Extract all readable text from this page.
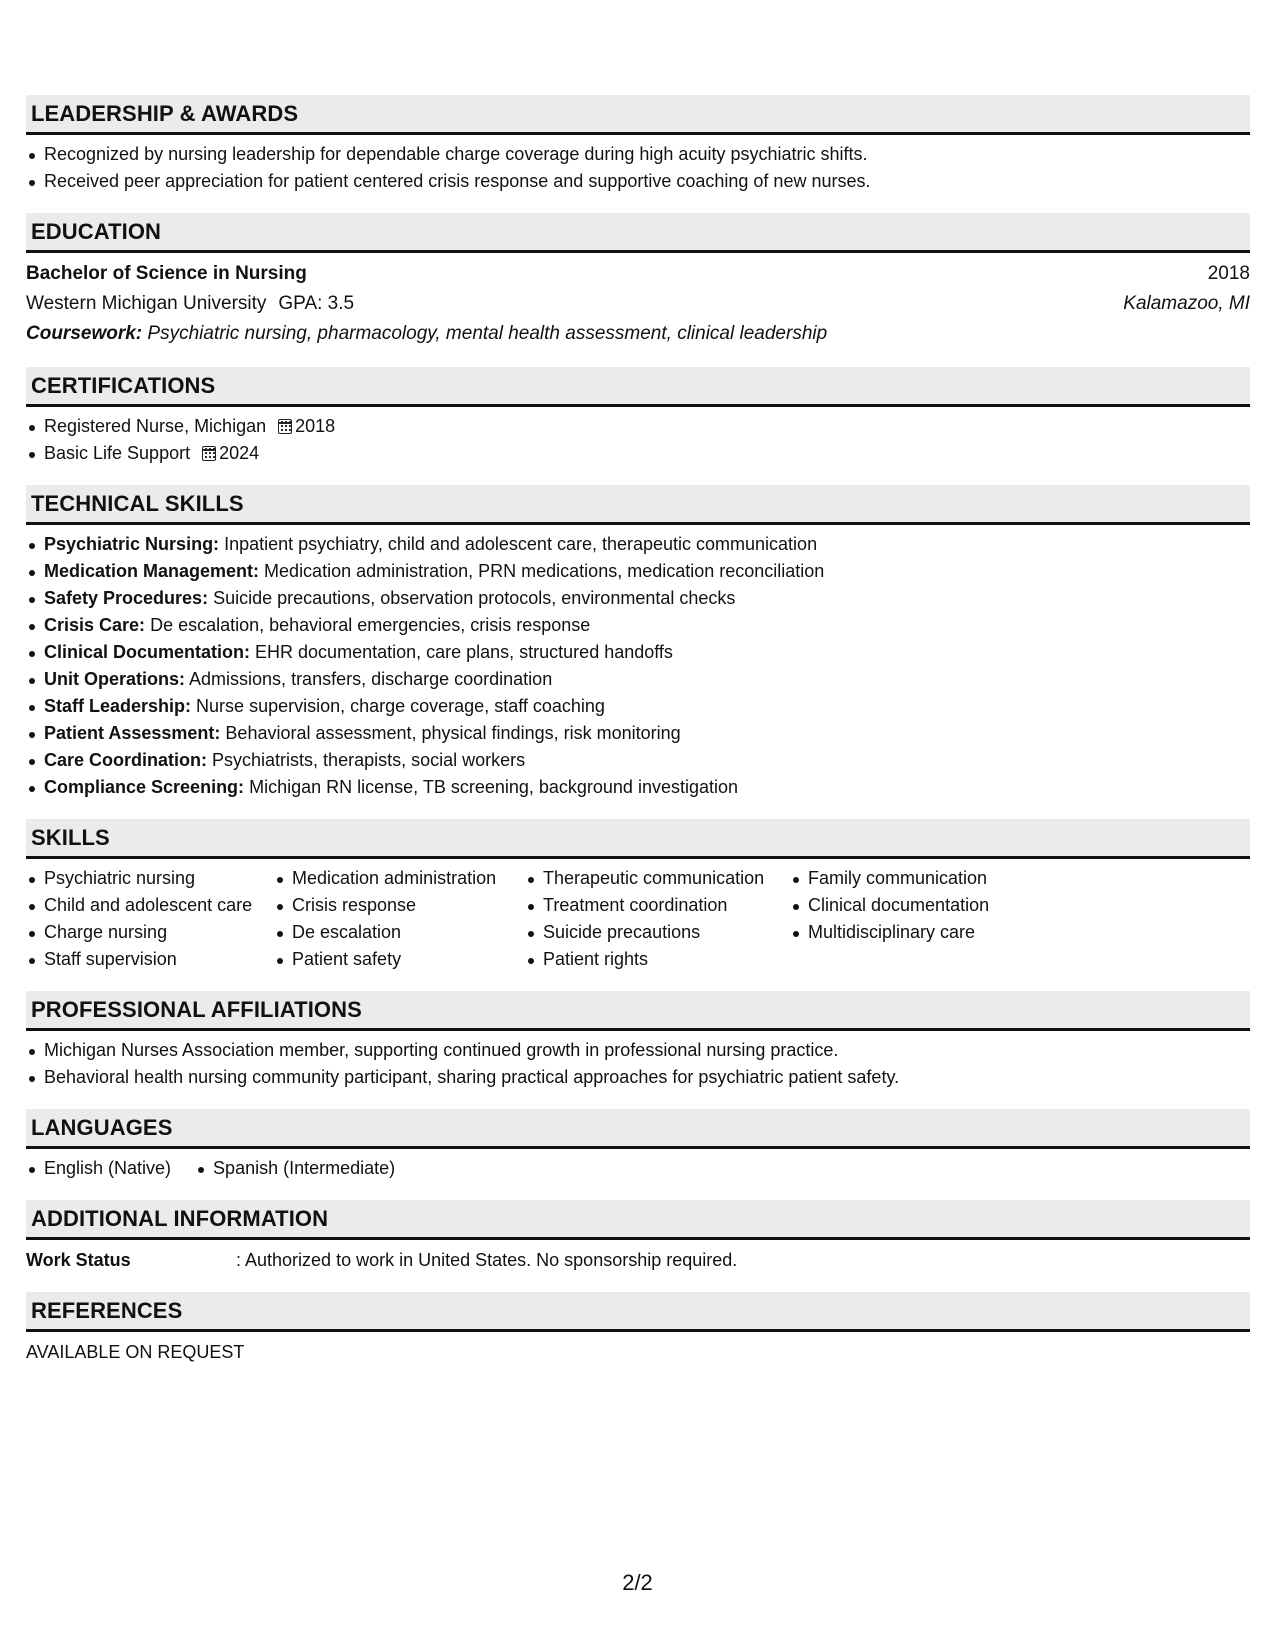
LEADERSHIP & AWARDS
Recognized by nursing leadership for dependable charge coverage during high acuity psychiatric shifts.
Received peer appreciation for patient centered crisis response and supportive coaching of new nurses.
EDUCATION
Bachelor of Science in Nursing	2018
Western Michigan University GPA: 3.5	Kalamazoo, MI
Coursework: Psychiatric nursing, pharmacology, mental health assessment, clinical leadership
CERTIFICATIONS
Registered Nurse, Michigan 2018
Basic Life Support 2024
TECHNICAL SKILLS
Psychiatric Nursing: Inpatient psychiatry, child and adolescent care, therapeutic communication
Medication Management: Medication administration, PRN medications, medication reconciliation
Safety Procedures: Suicide precautions, observation protocols, environmental checks
Crisis Care: De escalation, behavioral emergencies, crisis response
Clinical Documentation: EHR documentation, care plans, structured handoffs
Unit Operations: Admissions, transfers, discharge coordination
Staff Leadership: Nurse supervision, charge coverage, staff coaching
Patient Assessment: Behavioral assessment, physical findings, risk monitoring
Care Coordination: Psychiatrists, therapists, social workers
Compliance Screening: Michigan RN license, TB screening, background investigation
SKILLS
Psychiatric nursing
Child and adolescent care
Charge nursing
Staff supervision
Medication administration
Crisis response
De escalation
Patient safety
Therapeutic communication
Treatment coordination
Suicide precautions
Patient rights
Family communication
Clinical documentation
Multidisciplinary care
PROFESSIONAL AFFILIATIONS
Michigan Nurses Association member, supporting continued growth in professional nursing practice.
Behavioral health nursing community participant, sharing practical approaches for psychiatric patient safety.
LANGUAGES
English (Native)	Spanish (Intermediate)
ADDITIONAL INFORMATION
Work Status	: Authorized to work in United States. No sponsorship required.
REFERENCES
AVAILABLE ON REQUEST
2/2
